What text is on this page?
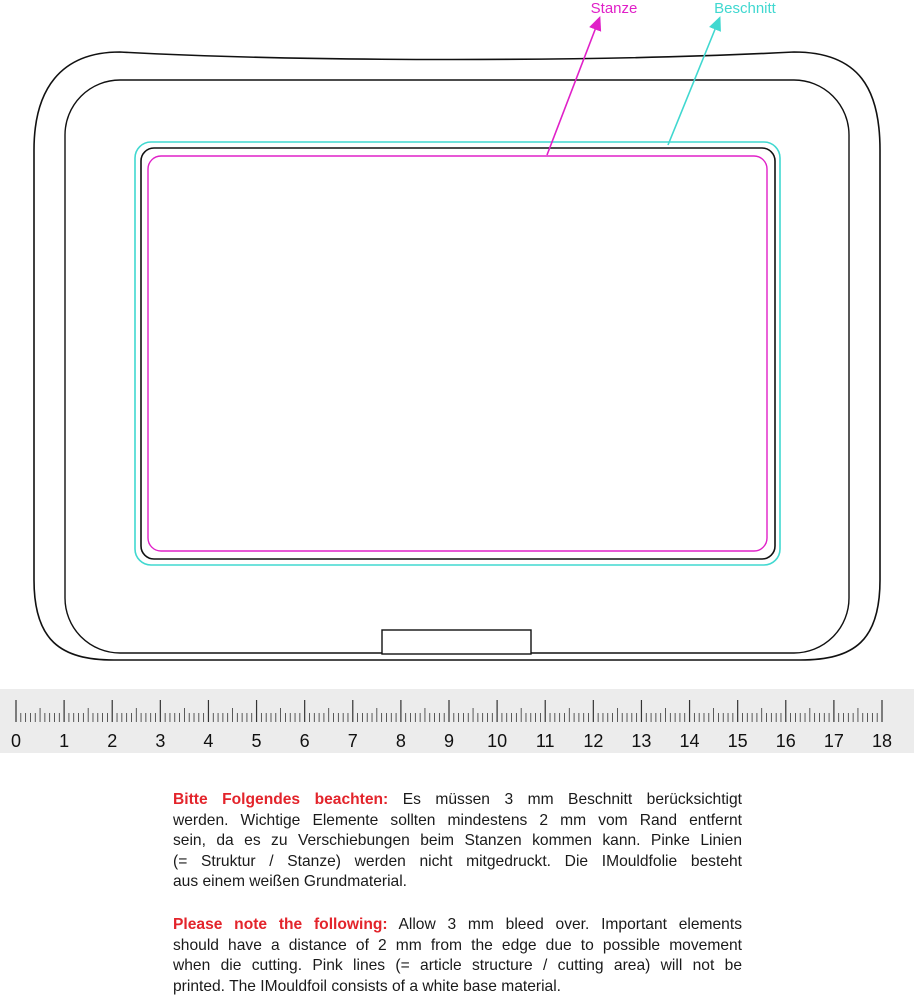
Stanze	Beschnitt
0 1 2 3 4 5 6 7 8 9 10 11 12 13 14 15 16 17 18
Bitte Folgendes beachten: Es müssen 3 mm Beschnitt berücksichtigt
werden. Wichtige Elemente sollten mindestens 2 mm vom Rand entfernt
sein, da es zu Verschiebungen beim Stanzen kommen kann. Pinke Linien
(= Struktur / Stanze) werden nicht mitgedruckt. Die IMouldfolie besteht
aus einem weißen Grundmaterial.
Please note the following: Allow 3 mm bleed over. Important elements
should have a distance of 2 mm from the edge due to possible movement
when die cutting. Pink lines (= article structure / cutting area) will not be
printed. The IMouldfoil consists of a white base material.
